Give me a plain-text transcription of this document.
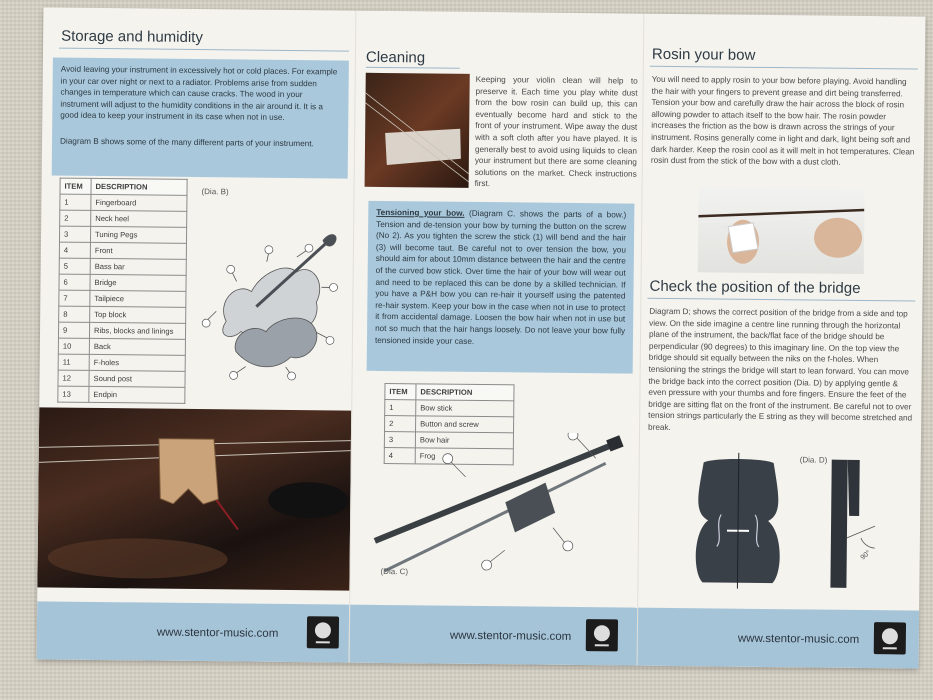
Storage and humidity
Avoid leaving your instrument in excessively hot or cold places. For example in your car over night or next to a radiator. Problems arise from sudden changes in temperature which can cause cracks. The wood in your instrument will adjust to the humidity conditions in the air around it. It is a good idea to keep your instrument in its case when not in use.
Diagram B shows some of the many different parts of your instrument.
ITEM	DESCRIPTION
1	Fingerboard
2	Neck heel
3	Tuning Pegs
4	Front
5	Bass bar
6	Bridge
7	Tailpiece
8	Top block
9	Ribs, blocks and linings
10	Back
11	F-holes
12	Sound post
13	Endpin
(Dia. B)
www.stentor-music.com
Cleaning
Keeping your violin clean will help to preserve it. Each time you play white dust from the bow rosin can build up, this can eventually become hard and stick to the front of your instrument. Wipe away the dust with a soft cloth after you have played. It is generally best to avoid using liquids to clean your instrument but there are some cleaning solutions on the market. Check instructions first.
Tensioning your bow. (Diagram C. shows the parts of a bow.) Tension and de-tension your bow by turning the button on the screw (No 2). As you tighten the screw the stick (1) will bend and the hair (3) will become taut. Be careful not to over tension the bow, you should aim for about 10mm distance between the hair and the centre of the curved bow stick. Over time the hair of your bow will wear out and need to be replaced this can be done by a skilled technician. If you have a P&H bow you can re-hair it yourself using the patented re-hair system. Keep your bow in the case when not in use to protect it from accidental damage. Loosen the bow hair when not in use but not so much that the hair hangs loosely. Do not leave your bow fully tensioned inside your case.
ITEM	DESCRIPTION
1	Bow stick
2	Button and screw
3	Bow hair
4	Frog
(Dia. C)
www.stentor-music.com
Rosin your bow
You will need to apply rosin to your bow before playing. Avoid handling the hair with your fingers to prevent grease and dirt being transferred. Tension your bow and carefully draw the hair across the block of rosin allowing powder to attach itself to the bow hair. The rosin powder increases the friction as the bow is drawn across the strings of your instrument. Rosins generally come in light and dark, light being soft and dark harder. Keep the rosin cool as it will melt in hot temperatures. Clean rosin dust from the stick of the bow with a dust cloth.
Check the position of the bridge
Diagram D; shows the correct position of the bridge from a side and top view. On the side imagine a centre line running through the horizontal plane of the instrument, the back/flat face of the bridge should be perpendicular (90 degrees) to this imaginary line. On the top view the bridge should sit equally between the niks on the f-holes. When tensioning the strings the bridge will start to lean forward. You can move the bridge back into the correct position (Dia. D) by applying gentle & even pressure with your thumbs and fore fingers. Ensure the feet of the bridge are sitting flat on the front of the instrument. Be careful not to over tension strings particularly the E string as they will become stretched and break.
(Dia. D)
90°
www.stentor-music.com
